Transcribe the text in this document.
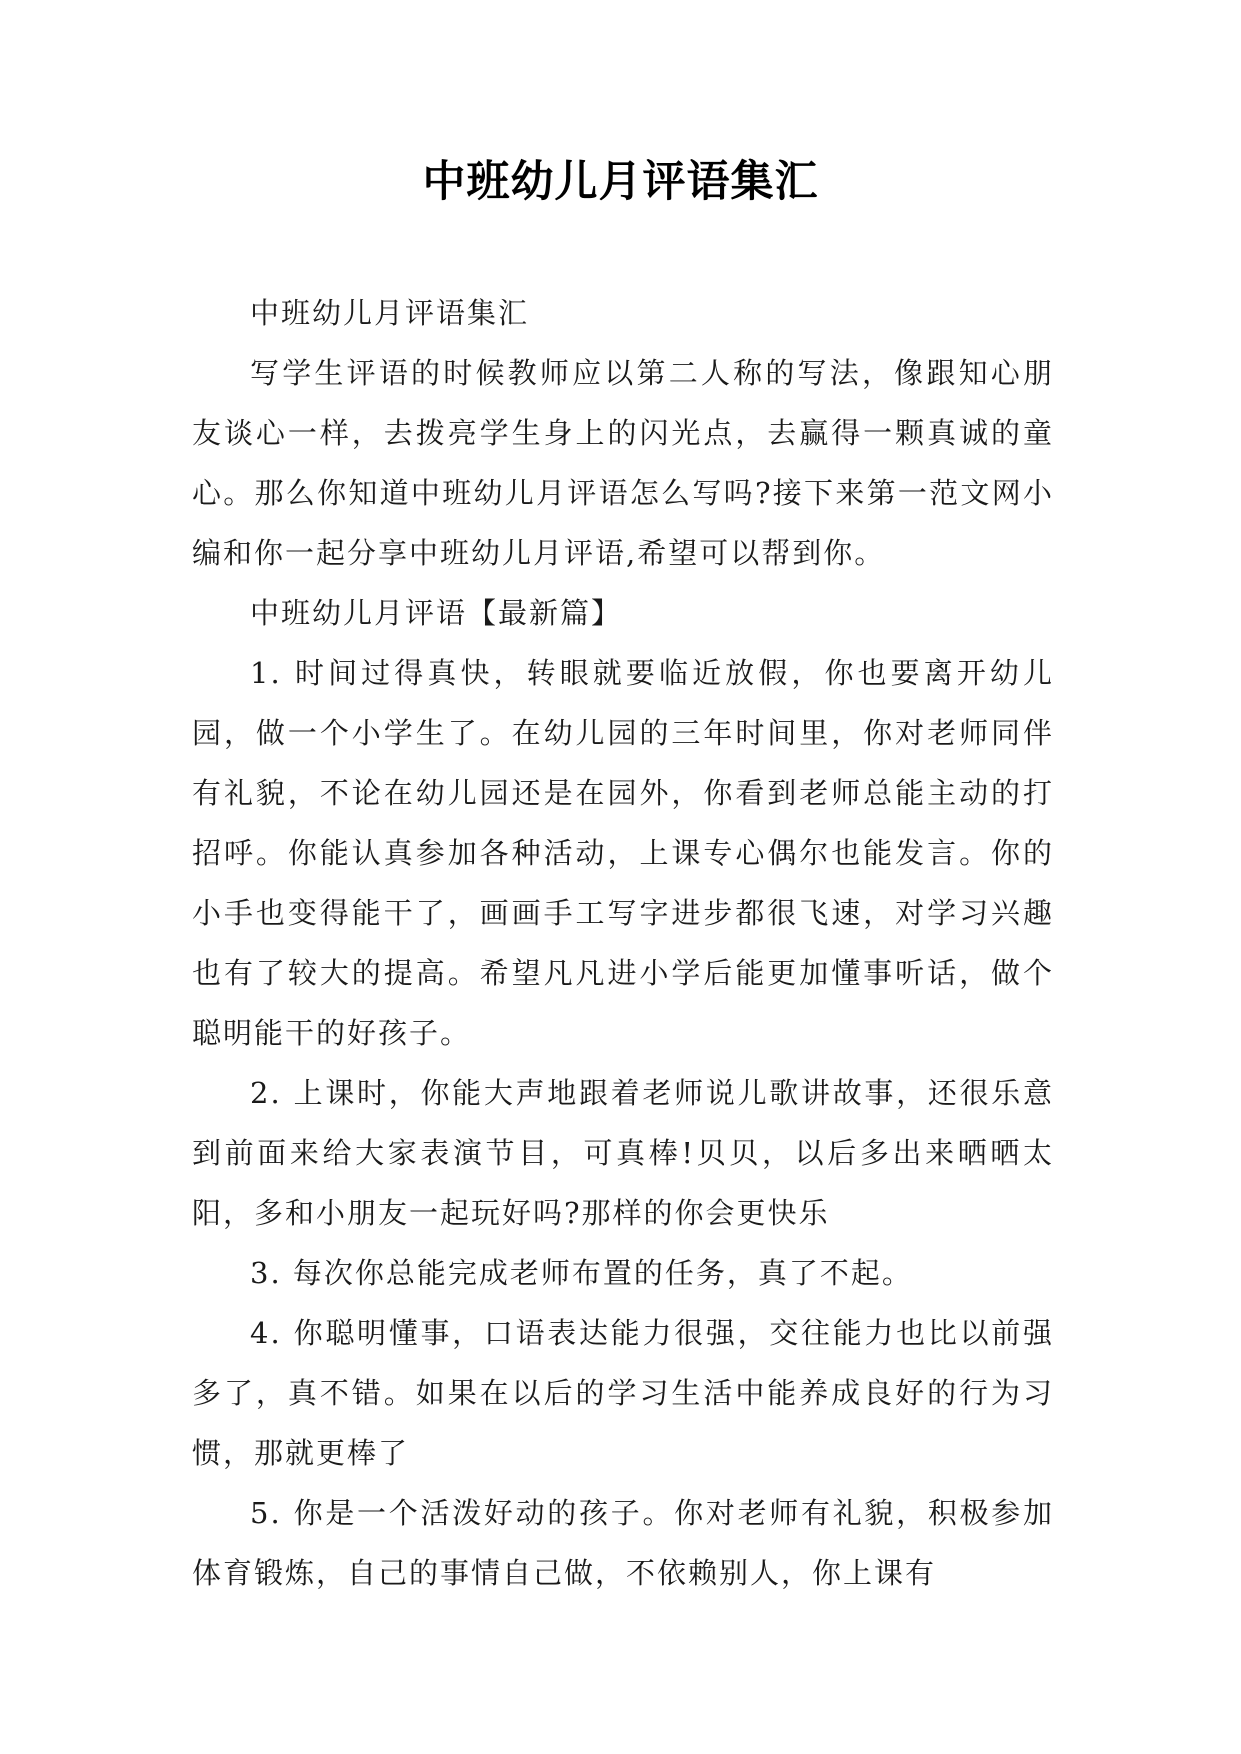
中班幼儿月评语集汇

中班幼儿月评语集汇

写学生评语的时候教师应以第二人称的写法，像跟知心朋友谈心一样，去拨亮学生身上的闪光点，去赢得一颗真诚的童心。那么你知道中班幼儿月评语怎么写吗?接下来第一范文网小编和你一起分享中班幼儿月评语,希望可以帮到你。

中班幼儿月评语【最新篇】

1. 时间过得真快，转眼就要临近放假，你也要离开幼儿园，做一个小学生了。在幼儿园的三年时间里，你对老师同伴有礼貌，不论在幼儿园还是在园外，你看到老师总能主动的打招呼。你能认真参加各种活动，上课专心偶尔也能发言。你的小手也变得能干了，画画手工写字进步都很飞速，对学习兴趣也有了较大的提高。希望凡凡进小学后能更加懂事听话，做个聪明能干的好孩子。

2. 上课时，你能大声地跟着老师说儿歌讲故事，还很乐意到前面来给大家表演节目，可真棒!贝贝，以后多出来晒晒太阳，多和小朋友一起玩好吗?那样的你会更快乐

3. 每次你总能完成老师布置的任务，真了不起。

4. 你聪明懂事，口语表达能力很强，交往能力也比以前强多了，真不错。如果在以后的学习生活中能养成良好的行为习惯，那就更棒了

5. 你是一个活泼好动的孩子。你对老师有礼貌，积极参加体育锻炼，自己的事情自己做，不依赖别人，你上课有
